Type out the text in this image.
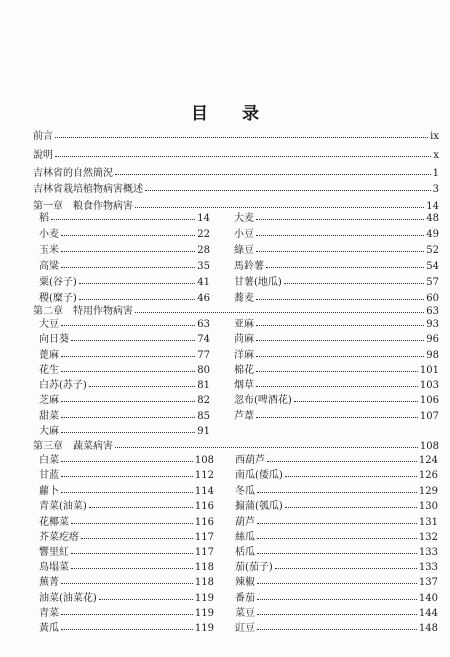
目 录
前言	ix
說明	x
吉林省的自然簡況	1
吉林省栽培植物病害概述	3
第一章　粮食作物病害	14
稻	14
小麦	22
玉米	28
高粱	35
粟(谷子)	41
稷(糜子)	46
大麦	48
小豆	49
綠豆	52
馬鈴薯	54
甘薯(地瓜)	57
蕎麦	60
第二章　特用作物病害	63
大豆	63
向日葵	74
蓖麻	77
花生	80
白苏(苏子)	81
芝麻	82
甜菜	85
大麻	91
亚麻	93
苘麻	96
洋麻	98
棉花	101
烟草	103
忽布(啤酒花)	106
芦葦	107
第三章　蔬菜病害	108
白菜	108
甘蓝	112
蘿卜	114
青菜(油菜)	116
花椰菜	116
芥菜疙瘩	117
響里紅	117
鳥塌菜	118
蕪菁	118
油菜(油菜花)	119
青菜	119
黃瓜	119
西葫芦	124
南瓜(倭瓜)	126
冬瓜	129
搧蒲(瓠瓜)	130
葫芦	131
絲瓜	132
栝瓜	133
茄(茄子)	133
辣椒	137
番茄	140
菜豆	144
豇豆	148
